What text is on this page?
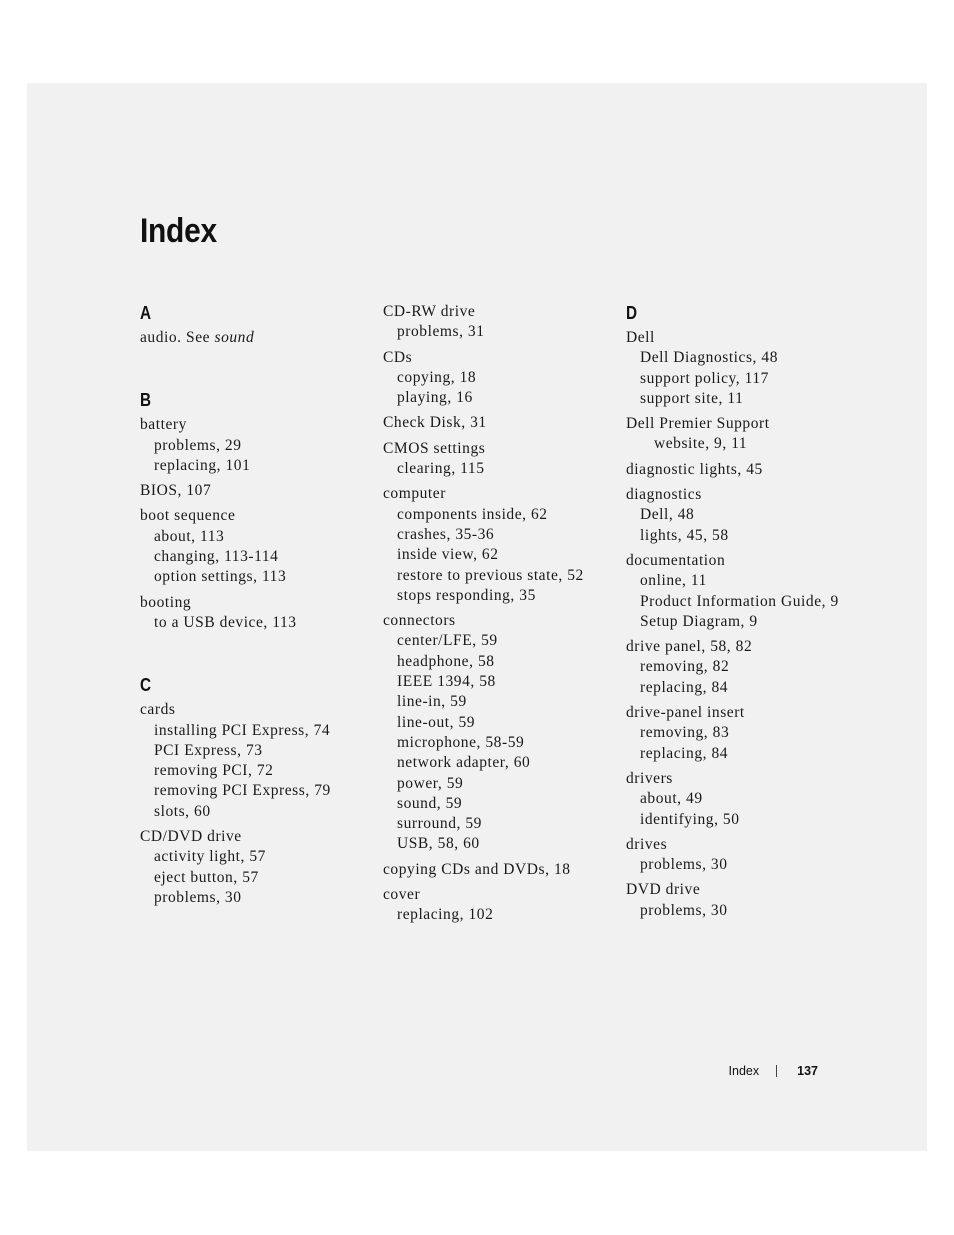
Index
A
audio. See sound
B
battery
problems, 29
replacing, 101
BIOS, 107
boot sequence
about, 113
changing, 113-114
option settings, 113
booting
to a USB device, 113
C
cards
installing PCI Express, 74
PCI Express, 73
removing PCI, 72
removing PCI Express, 79
slots, 60
CD/DVD drive
activity light, 57
eject button, 57
problems, 30
CD-RW drive
problems, 31
CDs
copying, 18
playing, 16
Check Disk, 31
CMOS settings
clearing, 115
computer
components inside, 62
crashes, 35-36
inside view, 62
restore to previous state, 52
stops responding, 35
connectors
center/LFE, 59
headphone, 58
IEEE 1394, 58
line-in, 59
line-out, 59
microphone, 58-59
network adapter, 60
power, 59
sound, 59
surround, 59
USB, 58, 60
copying CDs and DVDs, 18
cover
replacing, 102
D
Dell
Dell Diagnostics, 48
support policy, 117
support site, 11
Dell Premier Support
website, 9, 11
diagnostic lights, 45
diagnostics
Dell, 48
lights, 45, 58
documentation
online, 11
Product Information Guide, 9
Setup Diagram, 9
drive panel, 58, 82
removing, 82
replacing, 84
drive-panel insert
removing, 83
replacing, 84
drivers
about, 49
identifying, 50
drives
problems, 30
DVD drive
problems, 30
Index	137
